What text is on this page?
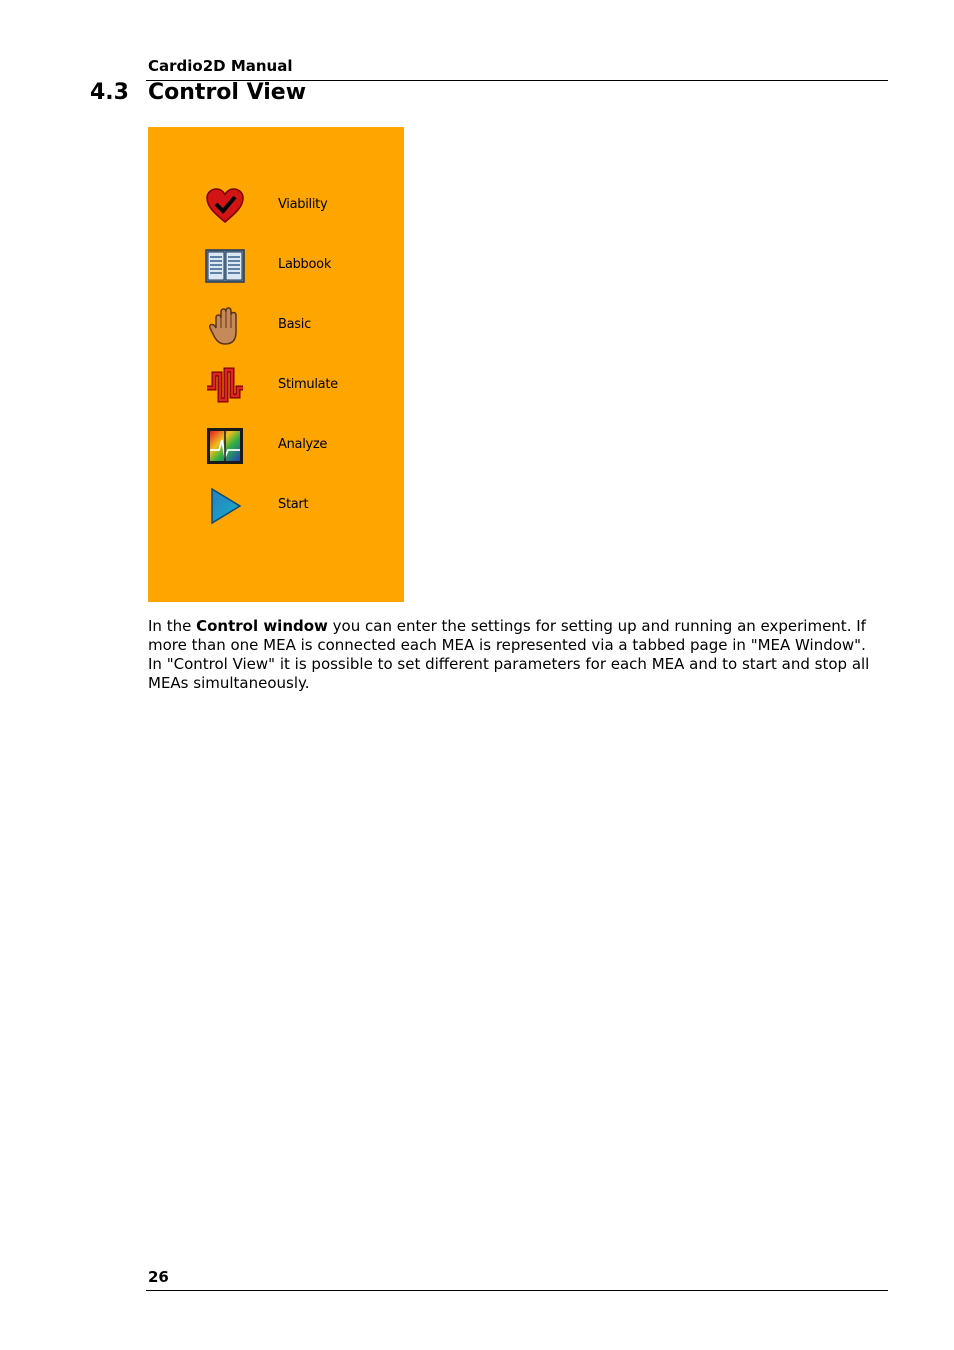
Cardio2D Manual
4.3 Control View
Viability
Labbook
Basic
Stimulate
Analyze
Start

In the Control window you can enter the settings for setting up and running an experiment. If more than one MEA is connected each MEA is represented via a tabbed page in "MEA Window". In "Control View" it is possible to set different parameters for each MEA and to start and stop all MEAs simultaneously.

26
